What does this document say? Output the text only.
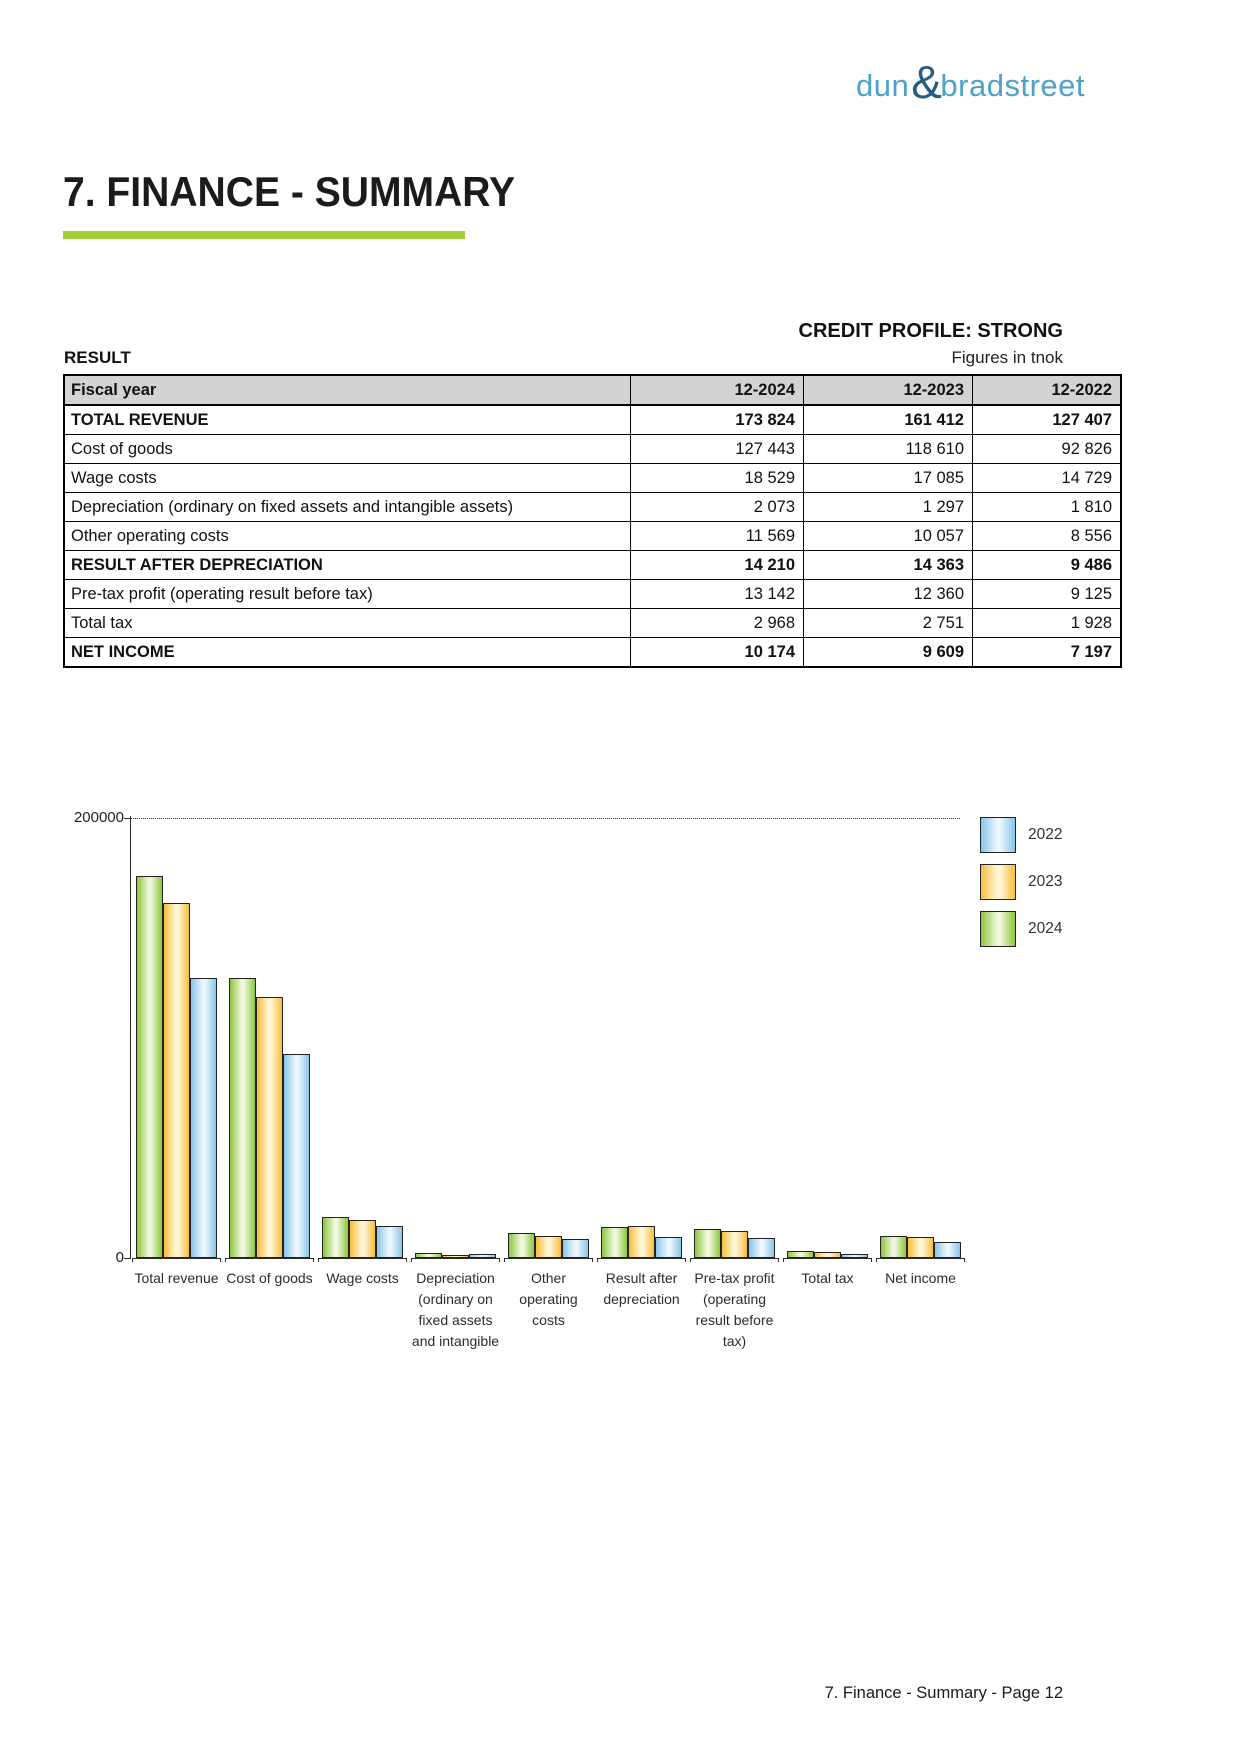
dun &
bradstreet
7. FINANCE - SUMMARY
CREDIT PROFILE: STRONG
RESULT	Figures in tnok
Fiscal year	12-2024	12-2023	12-2022
TOTAL REVENUE	173 824	161 412	127 407
Cost of goods	127 443	118 610	92 826
Wage costs	18 529	17 085	14 729
Depreciation (ordinary on fixed assets and intangible assets)	2 073	1 297	1 810
Other operating costs	11 569	10 057	8 556
RESULT AFTER DEPRECIATION	14 210	14 363	9 486
Pre-tax profit (operating result before tax)	13 142	12 360	9 125
Total tax	2 968	2 751	1 928
NET INCOME	10 174	9 609	7 197
200000
0
Total revenue Cost of goods Wage costs	Depreciation
(ordinary on
fixed assets
and intangible
Other
operating
costs
Result after
depreciation
Pre-tax profit
(operating
result before
tax)
Total tax	Net income
2022
2023
2024
7. Finance - Summary - Page 12
